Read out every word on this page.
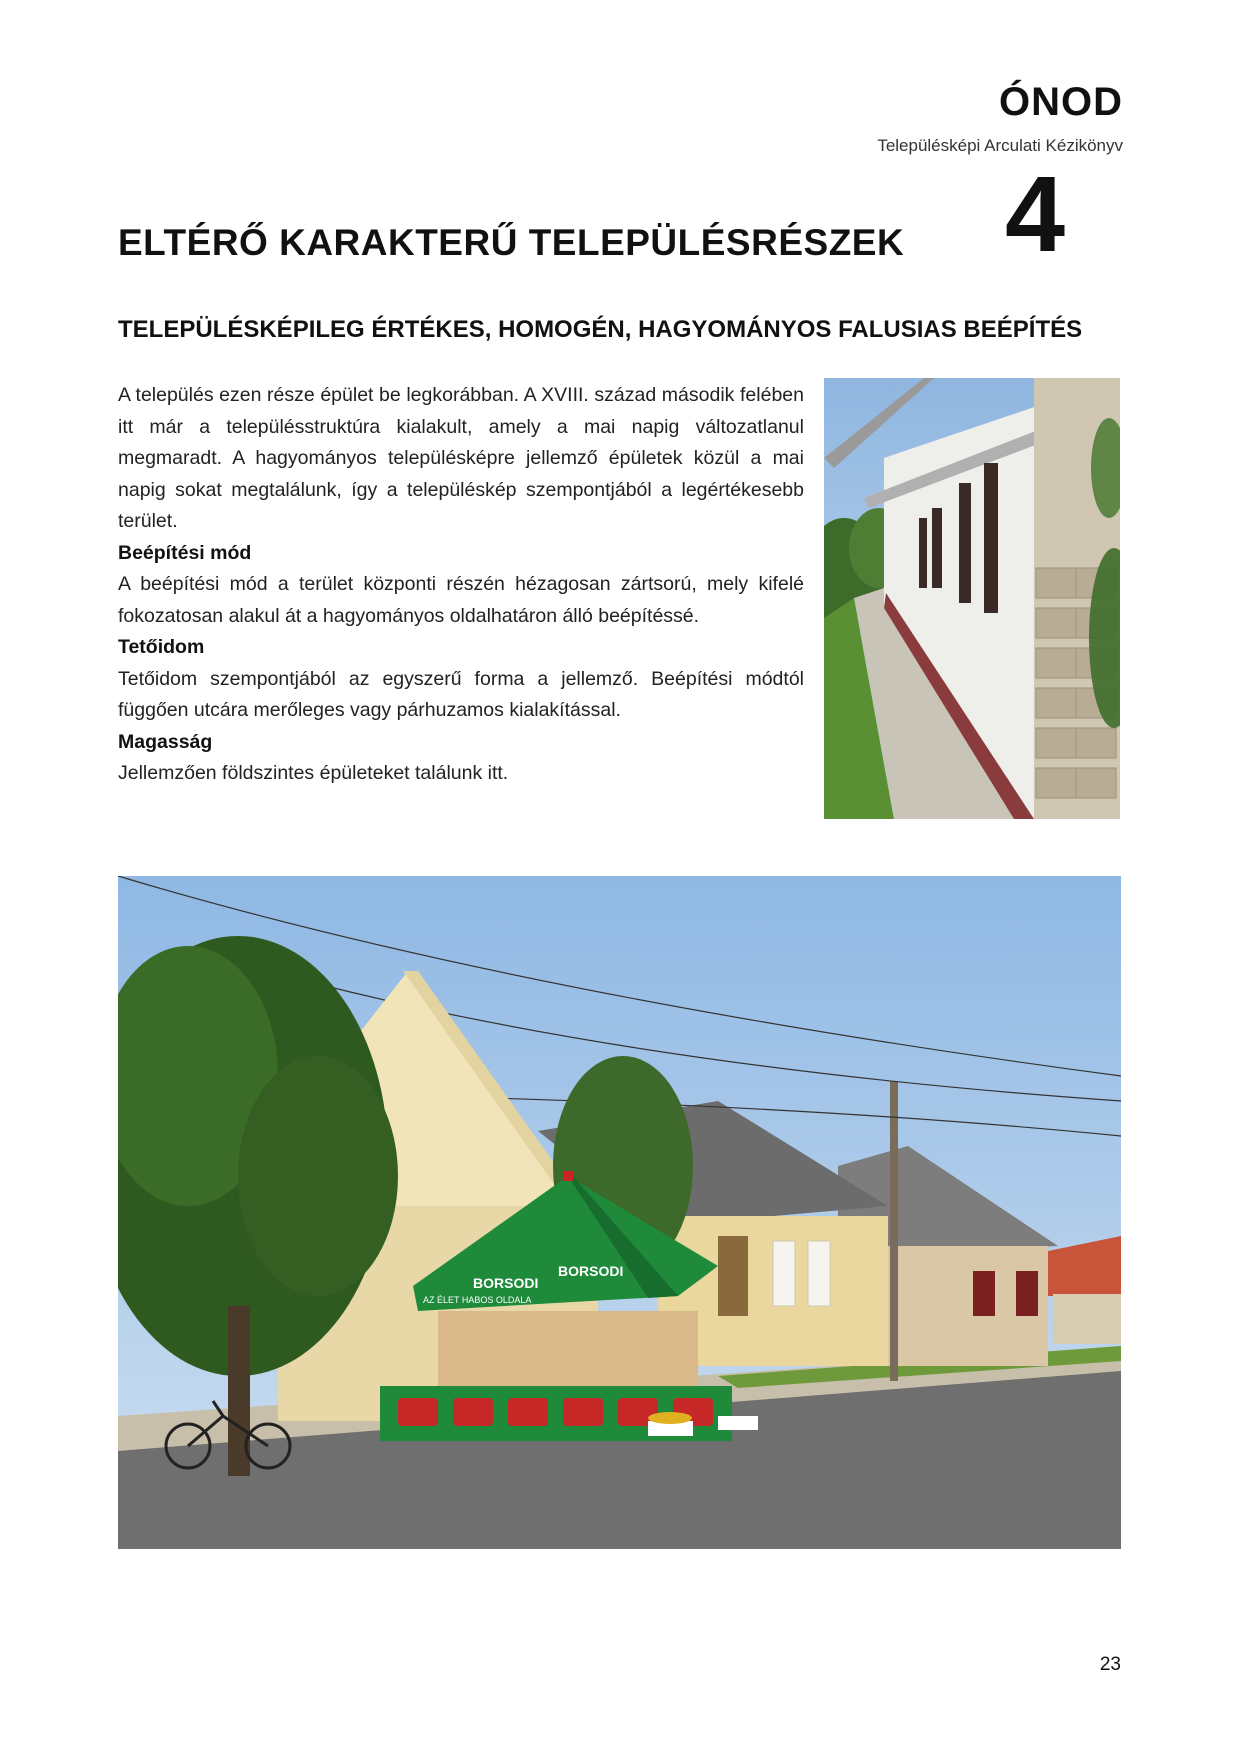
ÓNOD
Településképi Arculati Kézikönyv
4
ELTÉRŐ KARAKTERŰ TELEPÜLÉSRÉSZEK
TELEPÜLÉSKÉPILEG ÉRTÉKES, HOMOGÉN, HAGYOMÁNYOS FALUSIAS BEÉPÍTÉS

A település ezen része épület be legkorábban. A XVIII. század második felében itt már a településstruktúra kialakult, amely a mai napig változatlanul megmaradt. A hagyományos településképre jellemző épületek közül a mai napig sokat megtalálunk, így a településkép szempontjából a legértékesebb terület.

Beépítési mód

A beépítési mód a terület központi részén hézagosan zártsorú, mely kifelé fokozatosan alakul át a hagyományos oldalhatáron álló beépítéssé.

Tetőidom

Tetőidom szempontjából az egyszerű forma a jellemző. Beépítési módtól függően utcára merőleges vagy párhuzamos kialakítással.

Magasság

Jellemzően földszintes épületeket találunk itt.

BORSODI
BORSODI
AZ ÉLET HABOS OLDALA
23
